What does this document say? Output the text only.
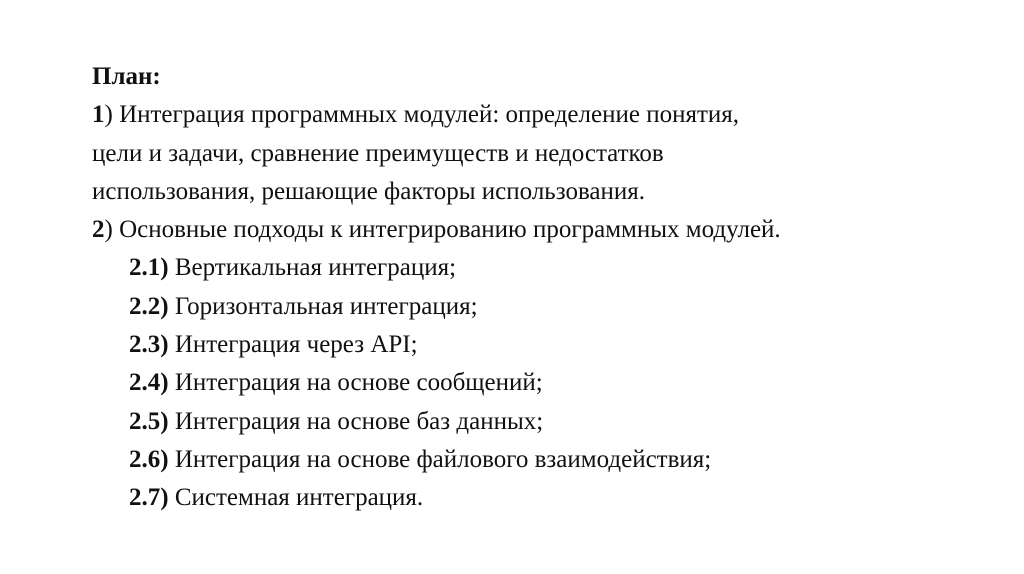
План:
1) Интеграция программных модулей: определение понятия,
цели и задачи, сравнение преимуществ и недостатков
использования, решающие факторы использования.
2) Основные подходы к интегрированию программных модулей.
2.1) Вертикальная интеграция;
2.2) Горизонтальная интеграция;
2.3) Интеграция через API;
2.4) Интеграция на основе сообщений;
2.5) Интеграция на основе баз данных;
2.6) Интеграция на основе файлового взаимодействия;
2.7) Системная интеграция.
